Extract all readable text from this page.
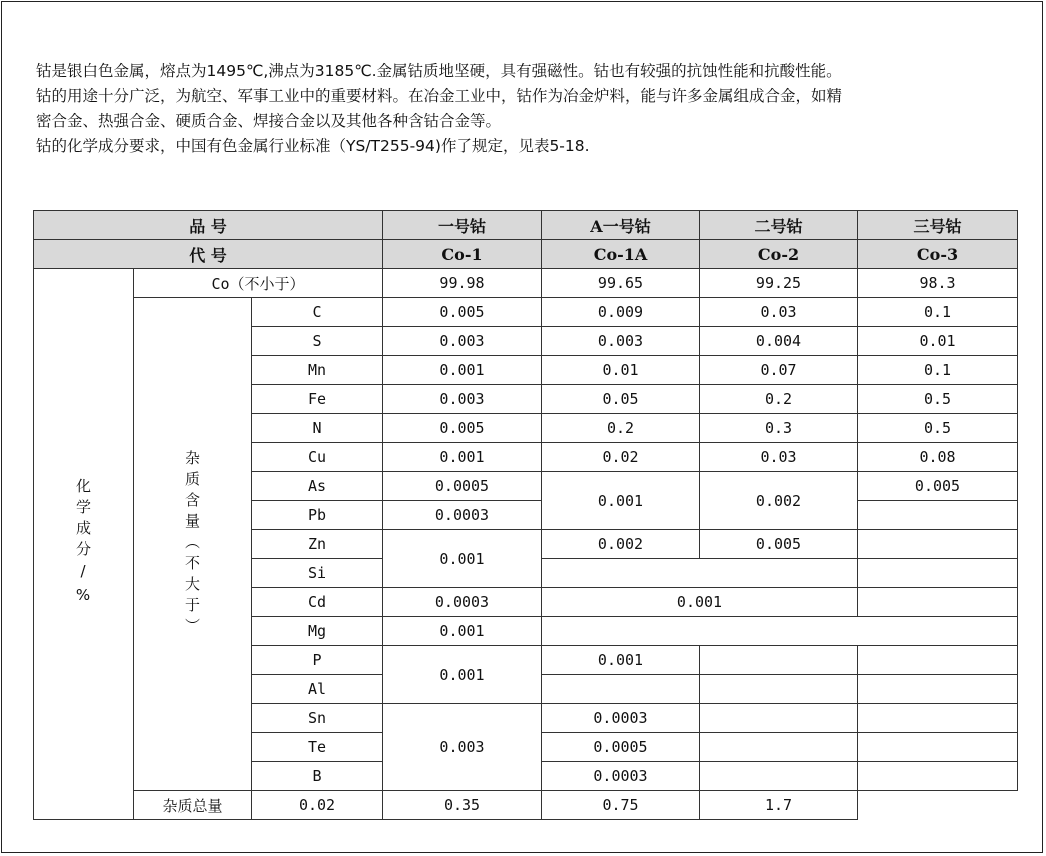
钴是银白色金属，熔点为1495℃,沸点为3185℃.金属钴质地坚硬，具有强磁性。钴也有较强的抗蚀性能和抗酸性能。

钴的用途十分广泛，为航空、军事工业中的重要材料。在冶金工业中，钴作为冶金炉料，能与许多金属组成合金，如精

密合金、热强合金、硬质合金、焊接合金以及其他各种含钴合金等。

钴的化学成分要求，中国有色金属行业标准（YS/T255-94)作了规定，见表5-18.

品 号			一号钴	A一号钴	二号钴	三号钴
代 号			Co-1	Co-1A	Co-2	Co-3
化学成分/%	Co（不小于）		99.98	99.65	99.25	98.3
	杂质含量（不大于）	C	0.005	0.009	0.03	0.1
		S	0.003	0.003	0.004	0.01
		Mn	0.001	0.01	0.07	0.1
		Fe	0.003	0.05	0.2	0.5
		N	0.005	0.2	0.3	0.5
		Cu	0.001	0.02	0.03	0.08
		As	0.0005	0.001	0.002	0.005
		Pb	0.0003			
		Zn	0.001	0.002	0.005	
		Si				
		Cd	0.0003	0.001		
		Mg	0.001			
		P	0.001	0.001		
		Al				
		Sn	0.003	0.0003		
		Te		0.0005		
		B		0.0003		
	杂质总量	0.02	0.35	0.75	1.7	
